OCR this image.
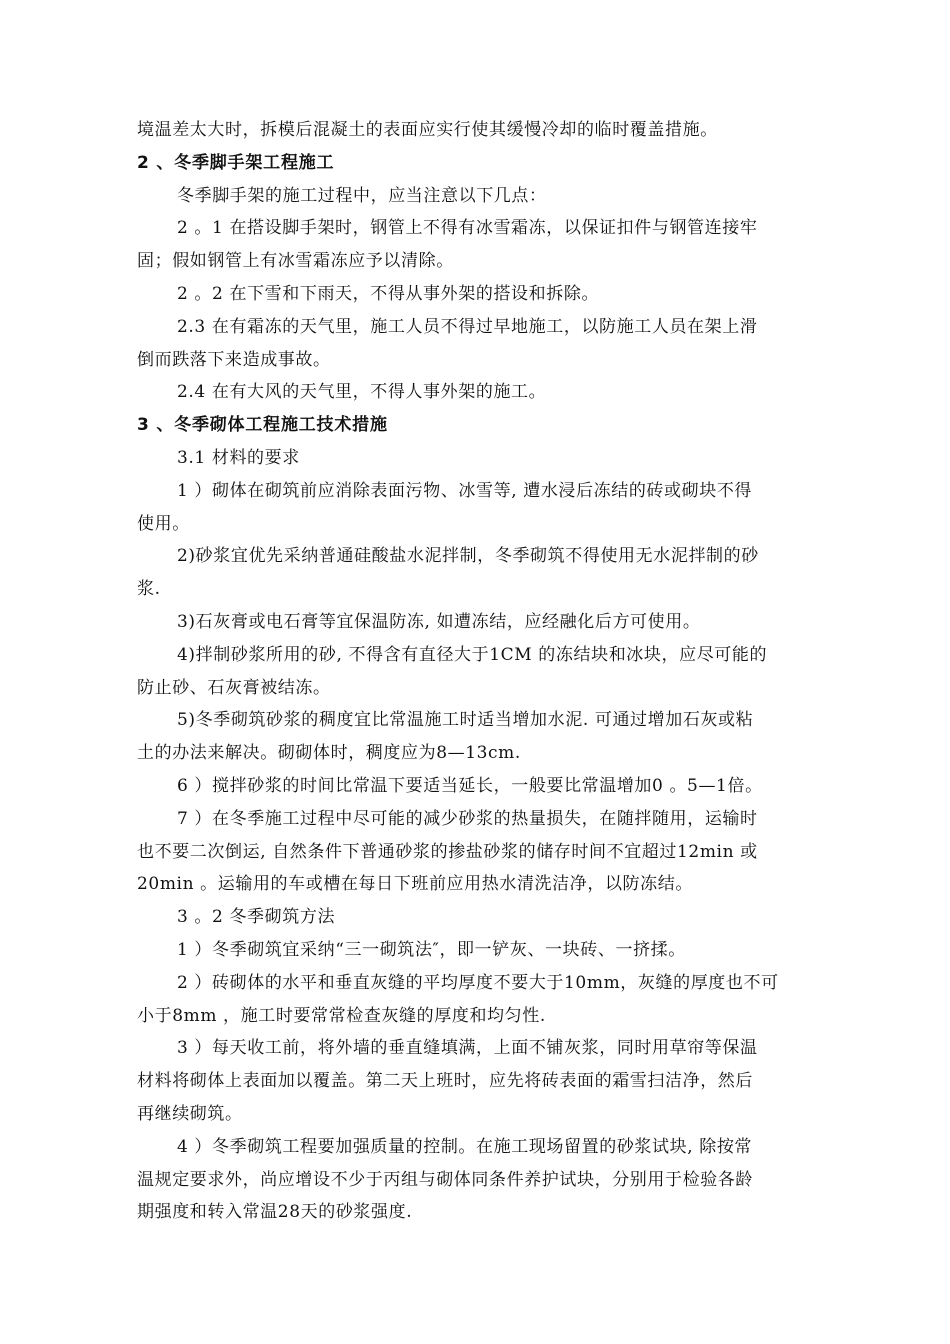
境温差太大时，拆模后混凝土的表面应实行使其缓慢冷却的临时覆盖措施。
2 、冬季脚手架工程施工
冬季脚手架的施工过程中，应当注意以下几点：
2 。1 在搭设脚手架时，钢管上不得有冰雪霜冻，以保证扣件与钢管连接牢
固；假如钢管上有冰雪霜冻应予以清除。
2 。2 在下雪和下雨天，不得从事外架的搭设和拆除。
2.3 在有霜冻的天气里，施工人员不得过早地施工，以防施工人员在架上滑
倒而跌落下来造成事故。
2.4 在有大风的天气里，不得人事外架的施工。
3 、冬季砌体工程施工技术措施
3.1 材料的要求
1 ）砌体在砌筑前应消除表面污物、冰雪等, 遭水浸后冻结的砖或砌块不得
使用。
2)砂浆宜优先采纳普通硅酸盐水泥拌制，冬季砌筑不得使用无水泥拌制的砂
浆.
3)石灰膏或电石膏等宜保温防冻, 如遭冻结，应经融化后方可使用。
4)拌制砂浆所用的砂, 不得含有直径大于1CM 的冻结块和冰块，应尽可能的
防止砂、石灰膏被结冻。
5)冬季砌筑砂浆的稠度宜比常温施工时适当增加水泥. 可通过增加石灰或粘
土的办法来解决。砌砌体时，稠度应为8—13cm.
6 ）搅拌砂浆的时间比常温下要适当延长，一般要比常温增加0 。5—1倍。
7 ）在冬季施工过程中尽可能的减少砂浆的热量损失，在随拌随用，运输时
也不要二次倒运, 自然条件下普通砂浆的掺盐砂浆的储存时间不宜超过12min 或
20min 。运输用的车或槽在每日下班前应用热水清洗洁净，以防冻结。
3 。2 冬季砌筑方法
1 ）冬季砌筑宜采纳“三一砌筑法″，即一铲灰、一块砖、一挤揉。
2 ）砖砌体的水平和垂直灰缝的平均厚度不要大于10mm，灰缝的厚度也不可
小于8mm ，施工时要常常检查灰缝的厚度和均匀性.
3 ）每天收工前，将外墙的垂直缝填满，上面不铺灰浆，同时用草帘等保温
材料将砌体上表面加以覆盖。第二天上班时，应先将砖表面的霜雪扫洁净，然后
再继续砌筑。
4 ）冬季砌筑工程要加强质量的控制。在施工现场留置的砂浆试块, 除按常
温规定要求外，尚应增设不少于丙组与砌体同条件养护试块，分别用于检验各龄
期强度和转入常温28天的砂浆强度.
